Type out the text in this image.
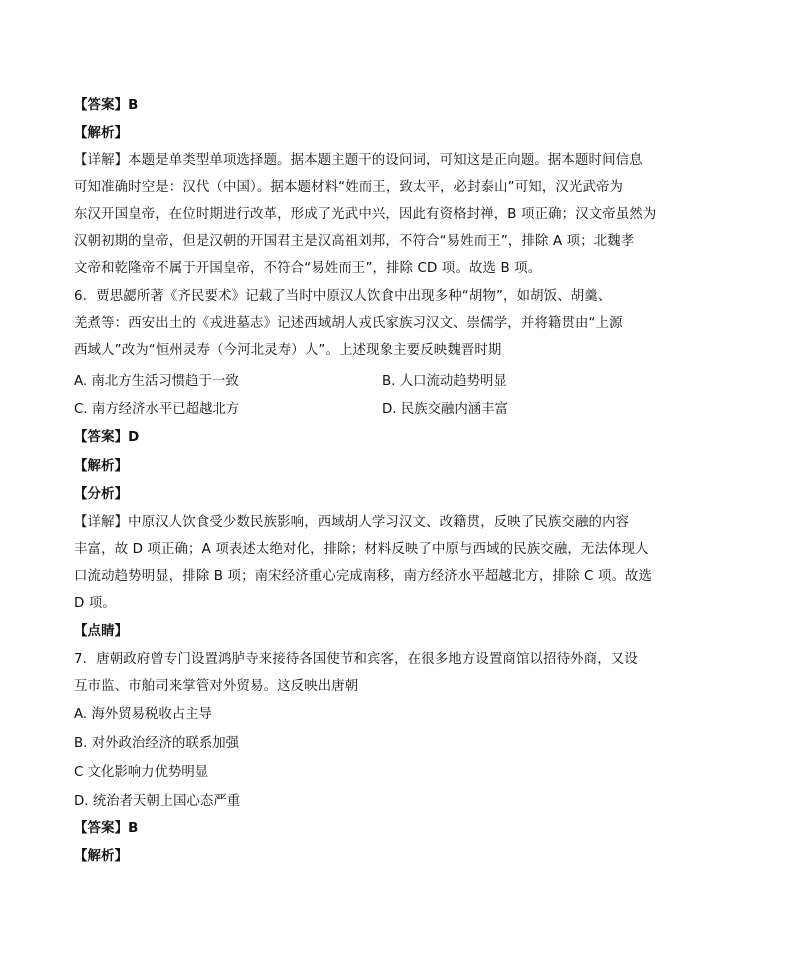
【答案】B
【解析】
【详解】本题是单类型单项选择题。据本题主题干的设问词，可知这是正向题。据本题时间信息
可知准确时空是：汉代（中国）。据本题材料“姓而王，致太平，必封泰山”可知，汉光武帝为
东汉开国皇帝，在位时期进行改革，形成了光武中兴，因此有资格封禅，B 项正确；汉文帝虽然为
汉朝初期的皇帝，但是汉朝的开国君主是汉高祖刘邦，不符合“易姓而王”，排除 A 项；北魏孝
文帝和乾隆帝不属于开国皇帝，不符合“易姓而王”，排除 CD 项。故选 B 项。
6．贾思勰所著《齐民要术》记载了当时中原汉人饮食中出现多种“胡物”，如胡饭、胡羹、
羌煮等：西安出土的《戎进墓志》记述西域胡人戎氏家族习汉文、崇儒学，并将籍贯由“上源
西域人”改为“恒州灵寿（今河北灵寿）人”。上述现象主要反映魏晋时期
A. 南北方生活习惯趋于一致	B. 人口流动趋势明显
C. 南方经济水平已超越北方	D. 民族交融内涵丰富
【答案】D
【解析】
【分析】
【详解】中原汉人饮食受少数民族影响，西域胡人学习汉文、改籍贯，反映了民族交融的内容
丰富，故 D 项正确；A 项表述太绝对化，排除；材料反映了中原与西域的民族交融，无法体现人
口流动趋势明显，排除 B 项；南宋经济重心完成南移，南方经济水平超越北方，排除 C 项。故选
D 项。
【点睛】
7．唐朝政府曾专门设置鸿胪寺来接待各国使节和宾客，在很多地方设置商馆以招待外商，又设
互市监、市舶司来掌管对外贸易。这反映出唐朝
A. 海外贸易税收占主导
B. 对外政治经济的联系加强
C 文化影响力优势明显
D. 统治者天朝上国心态严重
【答案】B
【解析】
